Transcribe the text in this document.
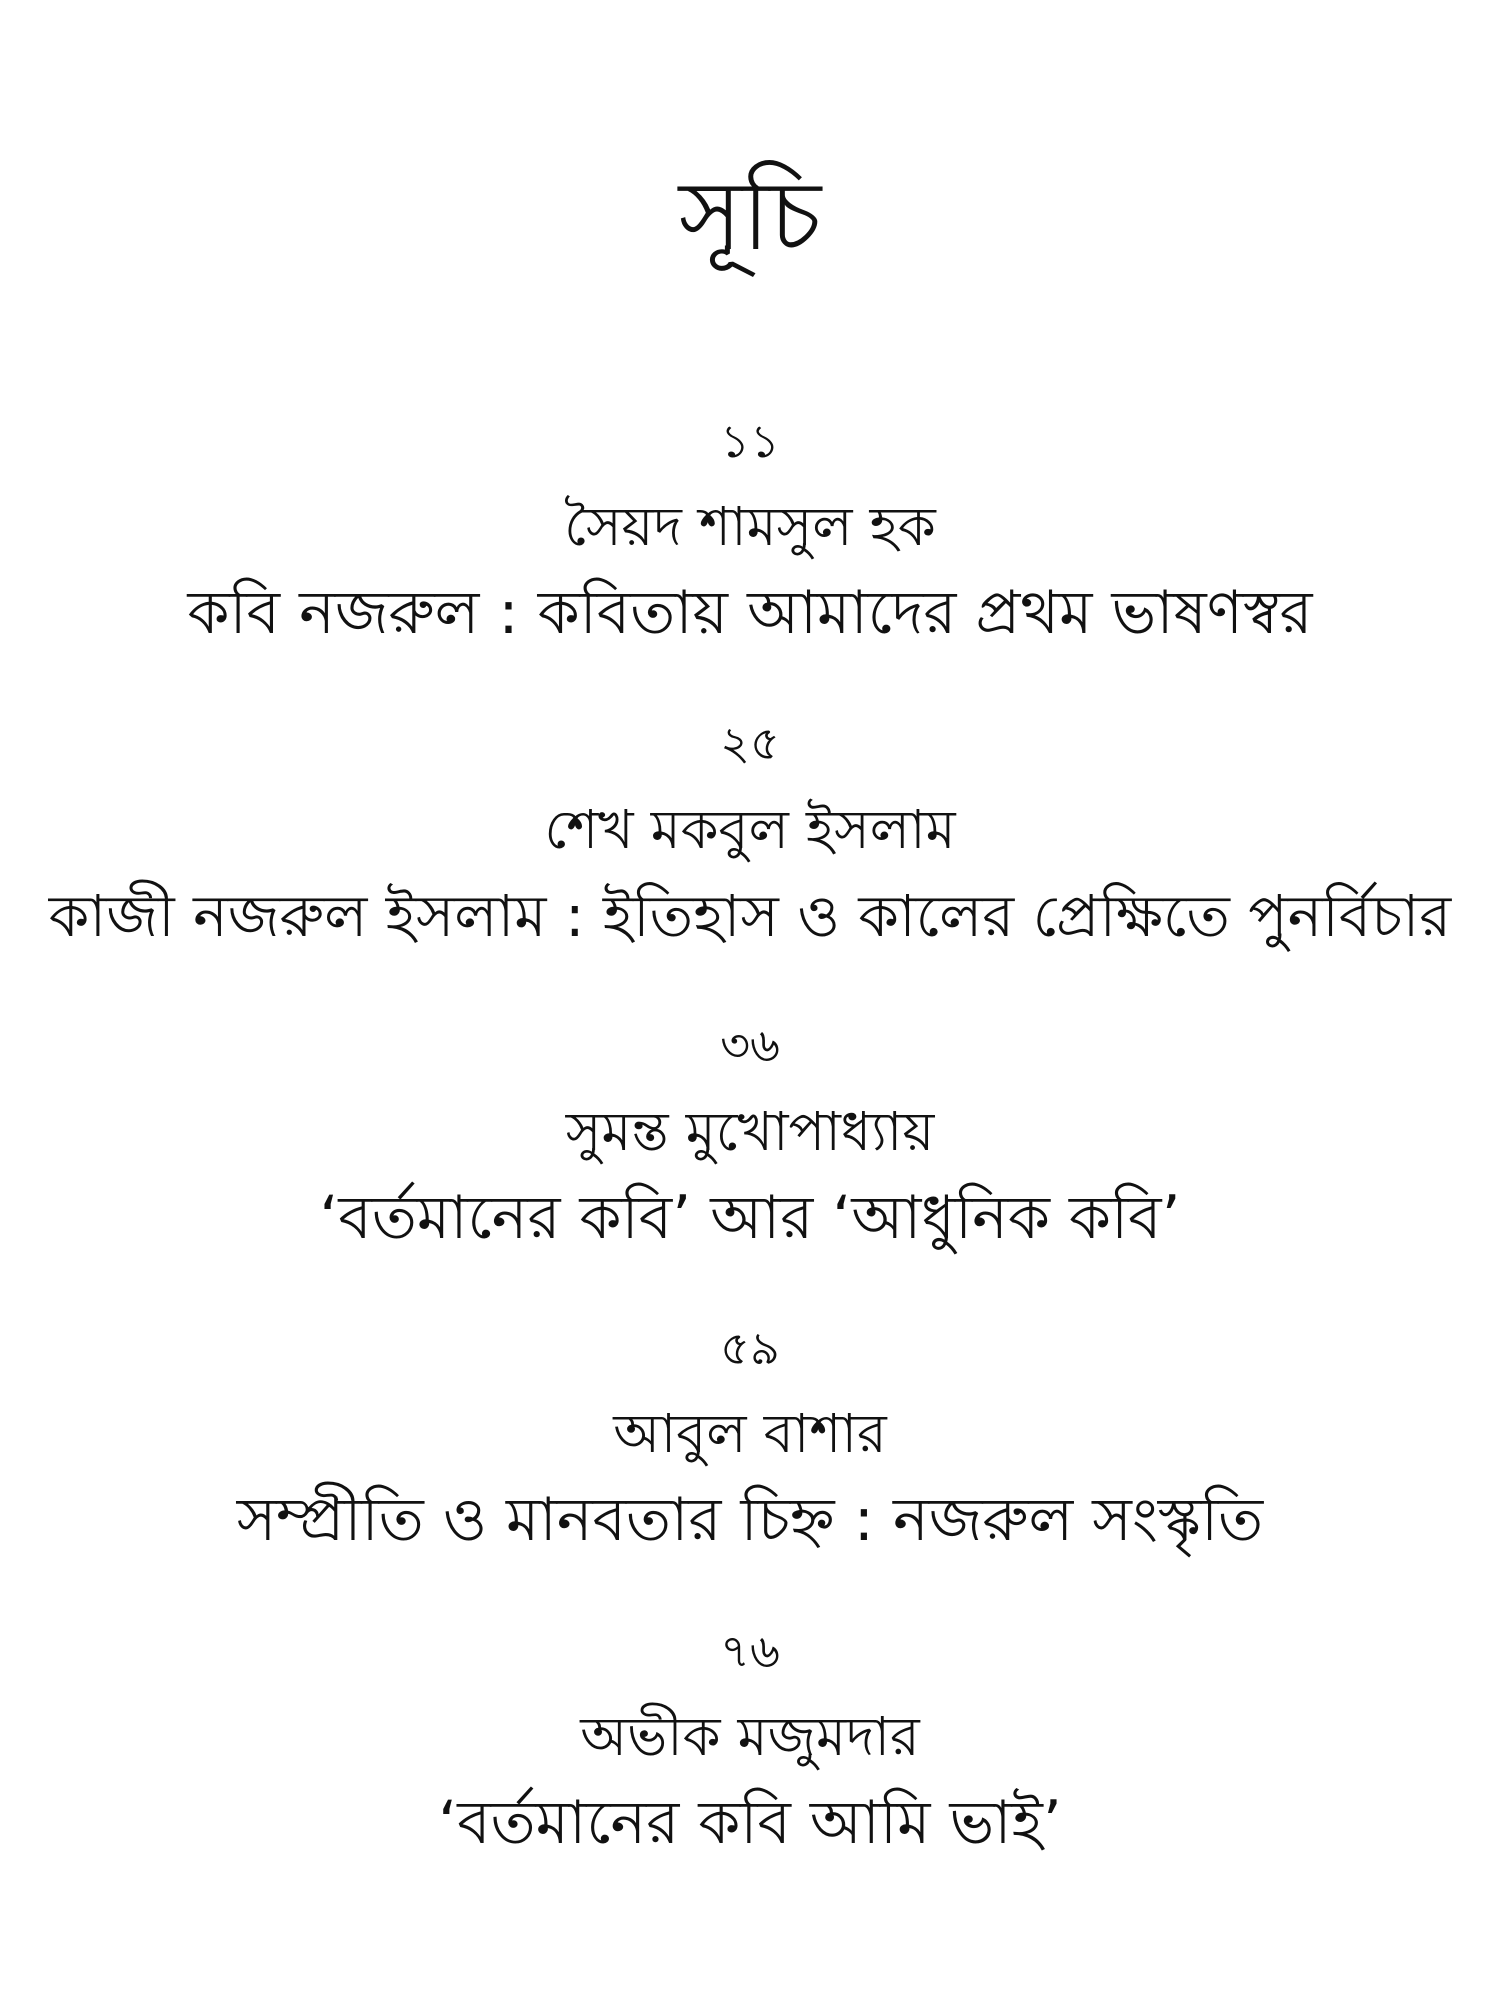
সূচি
১১
সৈয়দ শামসুল হক
কবি নজরুল : কবিতায় আমাদের প্রথম ভাষণস্বর
২৫
শেখ মকবুল ইসলাম
কাজী নজরুল ইসলাম : ইতিহাস ও কালের প্রেক্ষিতে পুনর্বিচার
৩৬
সুমন্ত মুখোপাধ্যায়
‘বর্তমানের কবি’ আর ‘আধুনিক কবি’
৫৯
আবুল বাশার
সম্প্রীতি ও মানবতার চিহ্ন : নজরুল সংস্কৃতি
৭৬
অভীক মজুমদার
‘বর্তমানের কবি আমি ভাই’
